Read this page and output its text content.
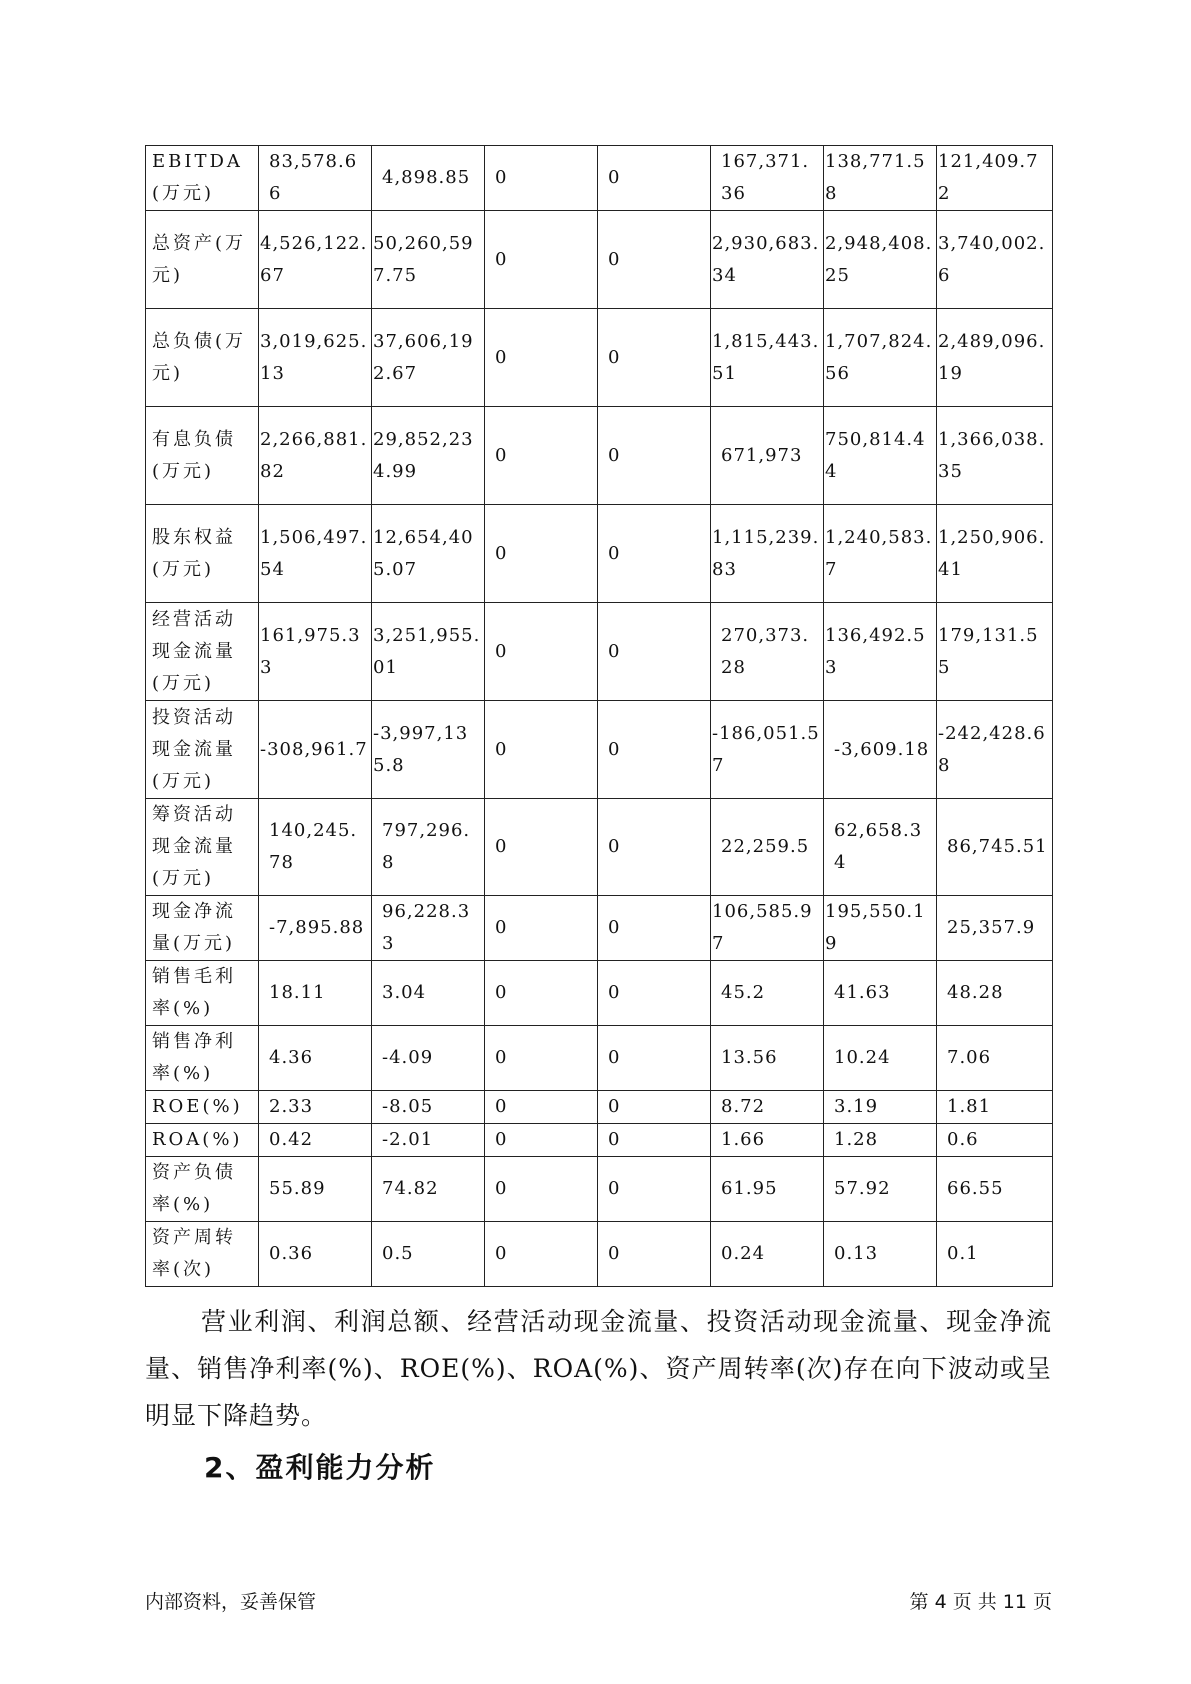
EBITDA(万元)	83,578.66	4,898.85	0	0	167,371.36	138,771.58	121,409.72
总资产(万元)	4,526,122.67	50,260,597.75	0	0	2,930,683.34	2,948,408.25	3,740,002.6
总负债(万元)	3,019,625.13	37,606,192.67	0	0	1,815,443.51	1,707,824.56	2,489,096.19
有息负债(万元)	2,266,881.82	29,852,234.99	0	0	671,973	750,814.44	1,366,038.35
股东权益(万元)	1,506,497.54	12,654,405.07	0	0	1,115,239.83	1,240,583.7	1,250,906.41
经营活动现金流量(万元)	161,975.33	3,251,955.01	0	0	270,373.28	136,492.53	179,131.55
投资活动现金流量(万元)	-308,961.7	-3,997,135.8	0	0	-186,051.57	-3,609.18	-242,428.68
筹资活动现金流量(万元)	140,245.78	797,296.8	0	0	22,259.5	62,658.34	86,745.51
现金净流量(万元)	-7,895.88	96,228.33	0	0	106,585.97	195,550.19	25,357.9
销售毛利率(%)	18.11	3.04	0	0	45.2	41.63	48.28
销售净利率(%)	4.36	-4.09	0	0	13.56	10.24	7.06
ROE(%)	2.33	-8.05	0	0	8.72	3.19	1.81
ROA(%)	0.42	-2.01	0	0	1.66	1.28	0.6
资产负债率(%)	55.89	74.82	0	0	61.95	57.92	66.55
资产周转率(次)	0.36	0.5	0	0	0.24	0.13	0.1

营业利润、利润总额、经营活动现金流量、投资活动现金流量、现金净流量、销售净利率(%)、ROE(%)、ROA(%)、资产周转率(次)存在向下波动或呈明显下降趋势。

2、盈利能力分析
内部资料，妥善保管	第 4 页 共 11 页
